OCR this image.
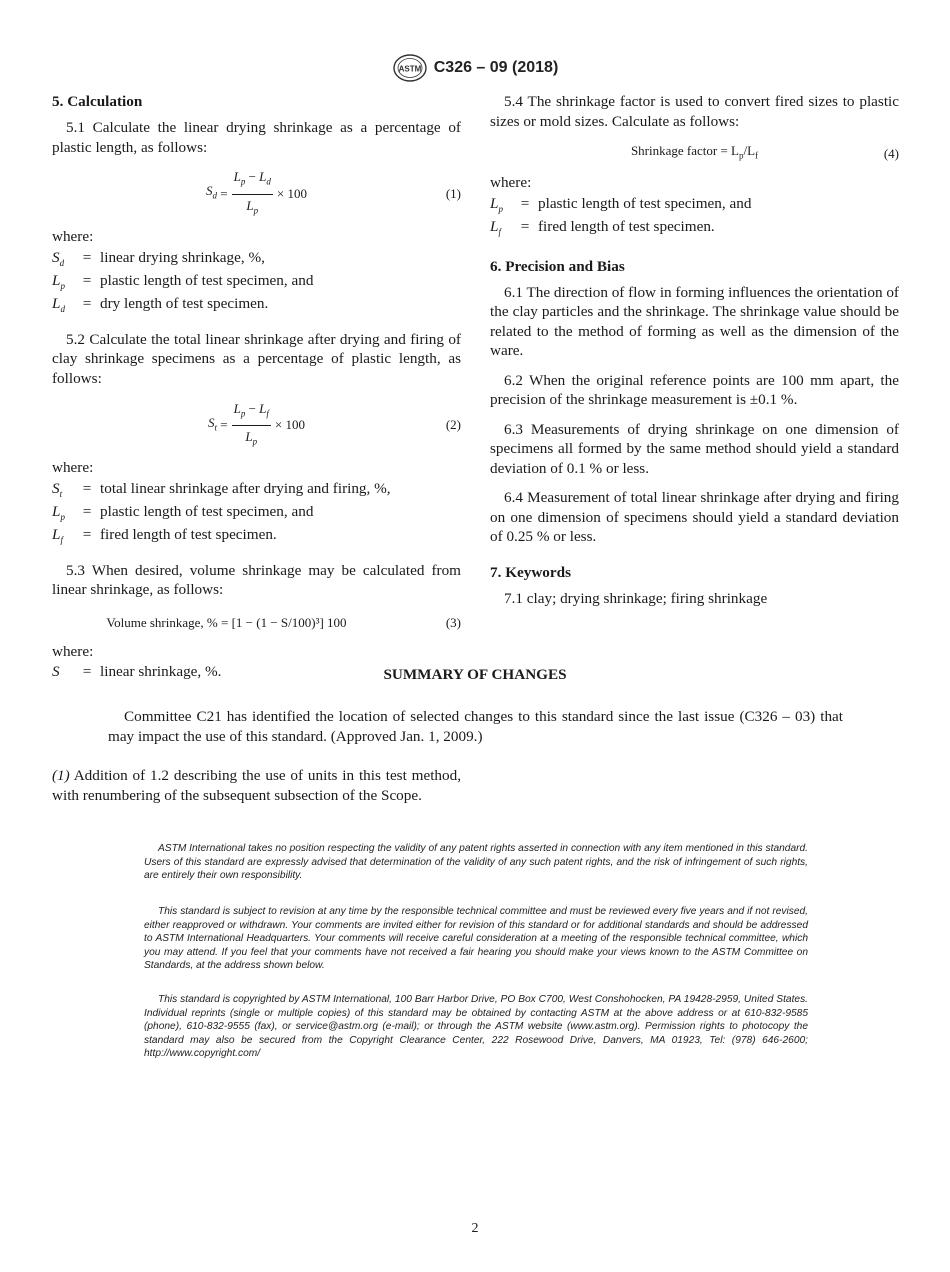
ASTM C326 – 09 (2018)
5. Calculation

5.1 Calculate the linear drying shrinkage as a percentage of plastic length, as follows:

$S_d = \frac{L_p - L_d}{L_p} \times 100$	(1)

where:

$S_d$	= linear drying shrinkage, %,
$L_p$	= plastic length of test specimen, and
$L_d$	= dry length of test specimen.

5.2 Calculate the total linear shrinkage after drying and firing of clay shrinkage specimens as a percentage of plastic length, as follows:

$S_t = \frac{L_p - L_f}{L_p} \times 100$	(2)

where:

$S_t$	= total linear shrinkage after drying and firing, %,
$L_p$	= plastic length of test specimen, and
$L_f$	= fired length of test specimen.

5.3 When desired, volume shrinkage may be calculated from linear shrinkage, as follows:

Volume shrinkage, % = [1 − (1 − S/100)³] 100	(3)

where:

S	= linear shrinkage, %.

5.4 The shrinkage factor is used to convert fired sizes to plastic sizes or mold sizes. Calculate as follows:

Shrinkage factor = $L_p/L_f$	(4)

where:

$L_p$	= plastic length of test specimen, and
$L_f$	= fired length of test specimen.
6. Precision and Bias

6.1 The direction of flow in forming influences the orientation of the clay particles and the shrinkage. The shrinkage value should be related to the method of forming as well as the dimension of the ware.

6.2 When the original reference points are 100 mm apart, the precision of the shrinkage measurement is ±0.1 %.

6.3 Measurements of drying shrinkage on one dimension of specimens all formed by the same method should yield a standard deviation of 0.1 % or less.

6.4 Measurement of total linear shrinkage after drying and firing on one dimension of specimens should yield a standard deviation of 0.25 % or less.

7. Keywords

7.1 clay; drying shrinkage; firing shrinkage

SUMMARY OF CHANGES

Committee C21 has identified the location of selected changes to this standard since the last issue (C326 – 03) that may impact the use of this standard. (Approved Jan. 1, 2009.)

(1) Addition of 1.2 describing the use of units in this test method, with renumbering of the subsequent subsection of the Scope.

ASTM International takes no position respecting the validity of any patent rights asserted in connection with any item mentioned in this standard. Users of this standard are expressly advised that determination of the validity of any such patent rights, and the risk of infringement of such rights, are entirely their own responsibility.

This standard is subject to revision at any time by the responsible technical committee and must be reviewed every five years and if not revised, either reapproved or withdrawn. Your comments are invited either for revision of this standard or for additional standards and should be addressed to ASTM International Headquarters. Your comments will receive careful consideration at a meeting of the responsible technical committee, which you may attend. If you feel that your comments have not received a fair hearing you should make your views known to the ASTM Committee on Standards, at the address shown below.

This standard is copyrighted by ASTM International, 100 Barr Harbor Drive, PO Box C700, West Conshohocken, PA 19428-2959, United States. Individual reprints (single or multiple copies) of this standard may be obtained by contacting ASTM at the above address or at 610-832-9585 (phone), 610-832-9555 (fax), or service@astm.org (e-mail); or through the ASTM website (www.astm.org). Permission rights to photocopy the standard may also be secured from the Copyright Clearance Center, 222 Rosewood Drive, Danvers, MA 01923, Tel: (978) 646-2600; http://www.copyright.com/

2
